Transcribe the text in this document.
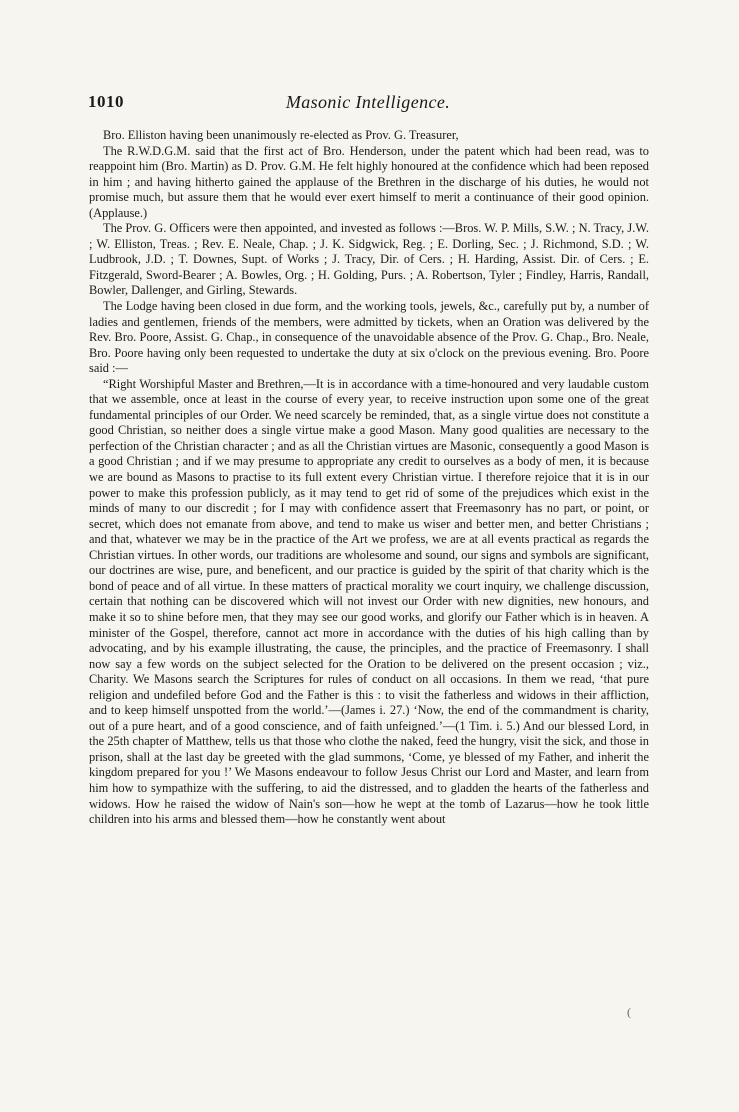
1010	Masonic Intelligence.

Bro. Elliston having been unanimously re-elected as Prov. G. Treasurer,

The R.W.D.G.M. said that the first act of Bro. Henderson, under the patent which had been read, was to reappoint him (Bro. Martin) as D. Prov. G.M. He felt highly honoured at the confidence which had been reposed in him ; and having hitherto gained the applause of the Brethren in the discharge of his duties, he would not promise much, but assure them that he would ever exert himself to merit a continuance of their good opinion. (Applause.)

The Prov. G. Officers were then appointed, and invested as follows :—Bros. W. P. Mills, S.W. ; N. Tracy, J.W. ; W. Elliston, Treas. ; Rev. E. Neale, Chap. ; J. K. Sidgwick, Reg. ; E. Dorling, Sec. ; J. Richmond, S.D. ; W. Ludbrook, J.D. ; T. Downes, Supt. of Works ; J. Tracy, Dir. of Cers. ; H. Harding, Assist. Dir. of Cers. ; E. Fitzgerald, Sword-Bearer ; A. Bowles, Org. ; H. Golding, Purs. ; A. Robertson, Tyler ; Findley, Harris, Randall, Bowler, Dallenger, and Girling, Stewards.

The Lodge having been closed in due form, and the working tools, jewels, &c., carefully put by, a number of ladies and gentlemen, friends of the members, were admitted by tickets, when an Oration was delivered by the Rev. Bro. Poore, Assist. G. Chap., in consequence of the unavoidable absence of the Prov. G. Chap., Bro. Neale, Bro. Poore having only been requested to undertake the duty at six o'clock on the previous evening. Bro. Poore said :—

“Right Worshipful Master and Brethren,—It is in accordance with a time-honoured and very laudable custom that we assemble, once at least in the course of every year, to receive instruction upon some one of the great fundamental principles of our Order. We need scarcely be reminded, that, as a single virtue does not constitute a good Christian, so neither does a single virtue make a good Mason. Many good qualities are necessary to the perfection of the Christian character ; and as all the Christian virtues are Masonic, consequently a good Mason is a good Christian ; and if we may presume to appropriate any credit to ourselves as a body of men, it is because we are bound as Masons to practise to its full extent every Christian virtue. I therefore rejoice that it is in our power to make this profession publicly, as it may tend to get rid of some of the prejudices which exist in the minds of many to our discredit ; for I may with confidence assert that Freemasonry has no part, or point, or secret, which does not emanate from above, and tend to make us wiser and better men, and better Christians ; and that, whatever we may be in the practice of the Art we profess, we are at all events practical as regards the Christian virtues. In other words, our traditions are wholesome and sound, our signs and symbols are significant, our doctrines are wise, pure, and beneficent, and our practice is guided by the spirit of that charity which is the bond of peace and of all virtue. In these matters of practical morality we court inquiry, we challenge discussion, certain that nothing can be discovered which will not invest our Order with new dignities, new honours, and make it so to shine before men, that they may see our good works, and glorify our Father which is in heaven. A minister of the Gospel, therefore, cannot act more in accordance with the duties of his high calling than by advocating, and by his example illustrating, the cause, the principles, and the practice of Freemasonry. I shall now say a few words on the subject selected for the Oration to be delivered on the present occasion ; viz., Charity. We Masons search the Scriptures for rules of conduct on all occasions. In them we read, ‘that pure religion and undefiled before God and the Father is this : to visit the fatherless and widows in their affliction, and to keep himself unspotted from the world.’—(James i. 27.) ‘Now, the end of the commandment is charity, out of a pure heart, and of a good conscience, and of faith unfeigned.’—(1 Tim. i. 5.) And our blessed Lord, in the 25th chapter of Matthew, tells us that those who clothe the naked, feed the hungry, visit the sick, and those in prison, shall at the last day be greeted with the glad summons, ‘Come, ye blessed of my Father, and inherit the kingdom prepared for you !’ We Masons endeavour to follow Jesus Christ our Lord and Master, and learn from him how to sympathize with the suffering, to aid the distressed, and to gladden the hearts of the fatherless and widows. How he raised the widow of Nain's son—how he wept at the tomb of Lazarus—how he took little children into his arms and blessed them—how he constantly went about

(
